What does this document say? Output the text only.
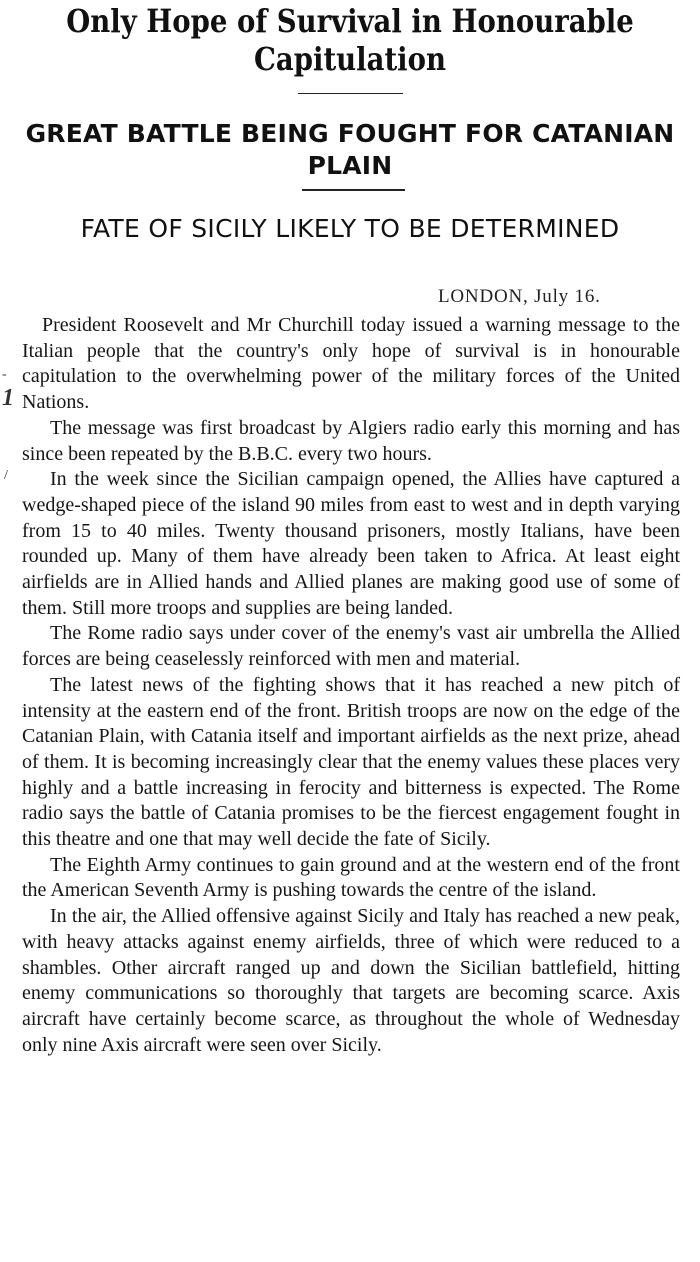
Only Hope of Survival in Honourable
Capitulation
GREAT BATTLE BEING FOUGHT FOR CATANIAN
PLAIN
FATE OF SICILY LIKELY TO BE DETERMINED
LONDON, July 16.
-
1
/

President Roosevelt and Mr Churchill today issued a warning message to the Italian people that the country's only hope of survival is in honourable capitulation to the overwhelming power of the military forces of the United Nations.

The message was first broadcast by Algiers radio early this morning and has since been repeated by the B.B.C. every two hours.

In the week since the Sicilian campaign opened, the Allies have captured a wedge-shaped piece of the island 90 miles from east to west and in depth varying from 15 to 40 miles. Twenty thousand prisoners, mostly Italians, have been rounded up. Many of them have already been taken to Africa. At least eight airfields are in Allied hands and Allied planes are making good use of some of them. Still more troops and supplies are being landed.

The Rome radio says under cover of the enemy's vast air umbrella the Allied forces are being ceaselessly reinforced with men and material.

The latest news of the fighting shows that it has reached a new pitch of intensity at the eastern end of the front. British troops are now on the edge of the Catanian Plain, with Catania itself and important airfields as the next prize, ahead of them. It is becoming increasingly clear that the enemy values these places very highly and a battle increasing in ferocity and bitterness is expected. The Rome radio says the battle of Catania promises to be the fiercest engagement fought in this theatre and one that may well decide the fate of Sicily.

The Eighth Army continues to gain ground and at the western end of the front the American Seventh Army is pushing towards the centre of the island.

In the air, the Allied offensive against Sicily and Italy has reached a new peak, with heavy attacks against enemy airfields, three of which were reduced to a shambles. Other aircraft ranged up and down the Sicilian battlefield, hitting enemy communications so thoroughly that targets are becoming scarce. Axis aircraft have certainly become scarce, as throughout the whole of Wednesday only nine Axis aircraft were seen over Sicily.
